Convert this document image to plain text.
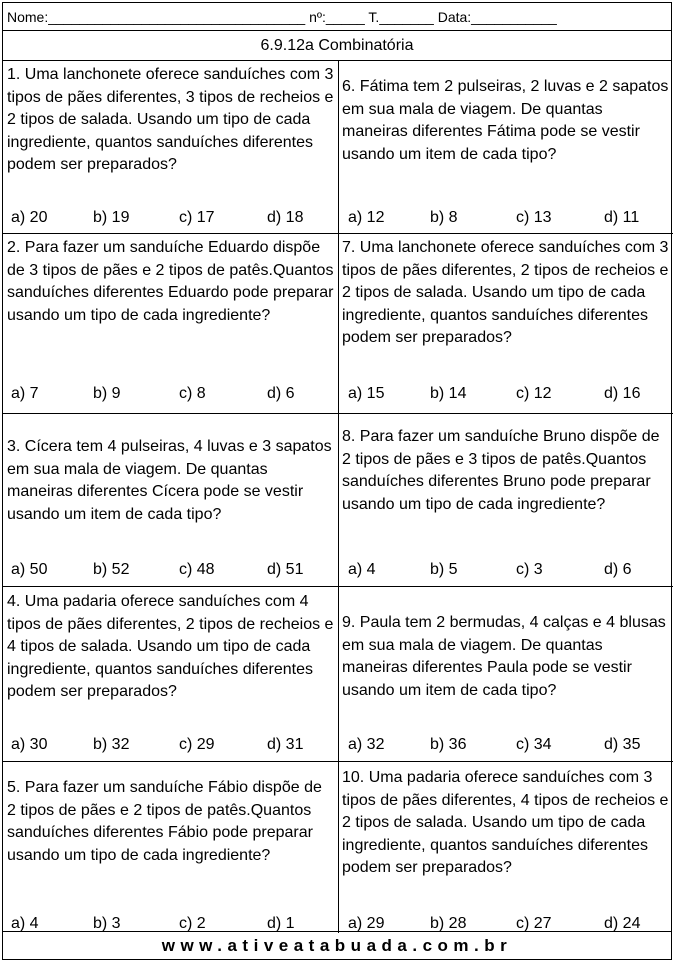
Nome:_________________________________ nº:_____ T._______ Data:___________
6.9.12a Combinatória
1. Uma lanchonete oferece sanduíches com 3 tipos de pães diferentes, 3 tipos de recheios e 2 tipos de salada. Usando um tipo de cada ingrediente, quantos sanduíches diferentes podem ser preparados?
a) 20	b) 19	c) 17	d) 18
2. Para fazer um sanduíche Eduardo dispõe de 3 tipos de pães e 2 tipos de patês.Quantos sanduíches diferentes Eduardo pode preparar usando um tipo de cada ingrediente?
a) 7	b) 9	c) 8	d) 6
3. Cícera tem 4 pulseiras, 4 luvas e 3 sapatos em sua mala de viagem. De quantas maneiras diferentes Cícera pode se vestir usando um item de cada tipo?
a) 50	b) 52	c) 48	d) 51
4. Uma padaria oferece sanduíches com 4 tipos de pães diferentes, 2 tipos de recheios e 4 tipos de salada. Usando um tipo de cada ingrediente, quantos sanduíches diferentes podem ser preparados?
a) 30	b) 32	c) 29	d) 31
5. Para fazer um sanduíche Fábio dispõe de 2 tipos de pães e 2 tipos de patês.Quantos sanduíches diferentes Fábio pode preparar usando um tipo de cada ingrediente?
a) 4	b) 3	c) 2	d) 1
6. Fátima tem 2 pulseiras, 2 luvas e 2 sapatos em sua mala de viagem. De quantas maneiras diferentes Fátima pode se vestir usando um item de cada tipo?
a) 12	b) 8	c) 13	d) 11
7. Uma lanchonete oferece sanduíches com 3 tipos de pães diferentes, 2 tipos de recheios e 2 tipos de salada. Usando um tipo de cada ingrediente, quantos sanduíches diferentes podem ser preparados?
a) 15	b) 14	c) 12	d) 16
8. Para fazer um sanduíche Bruno dispõe de 2 tipos de pães e 3 tipos de patês.Quantos sanduíches diferentes Bruno pode preparar usando um tipo de cada ingrediente?
a) 4	b) 5	c) 3	d) 6
9. Paula tem 2 bermudas, 4 calças e 4 blusas em sua mala de viagem. De quantas maneiras diferentes Paula pode se vestir usando um item de cada tipo?
a) 32	b) 36	c) 34	d) 35
10. Uma padaria oferece sanduíches com 3 tipos de pães diferentes, 4 tipos de recheios e 2 tipos de salada. Usando um tipo de cada ingrediente, quantos sanduíches diferentes podem ser preparados?
a) 29	b) 28	c) 27	d) 24
www.ativeatabuada.com.br
